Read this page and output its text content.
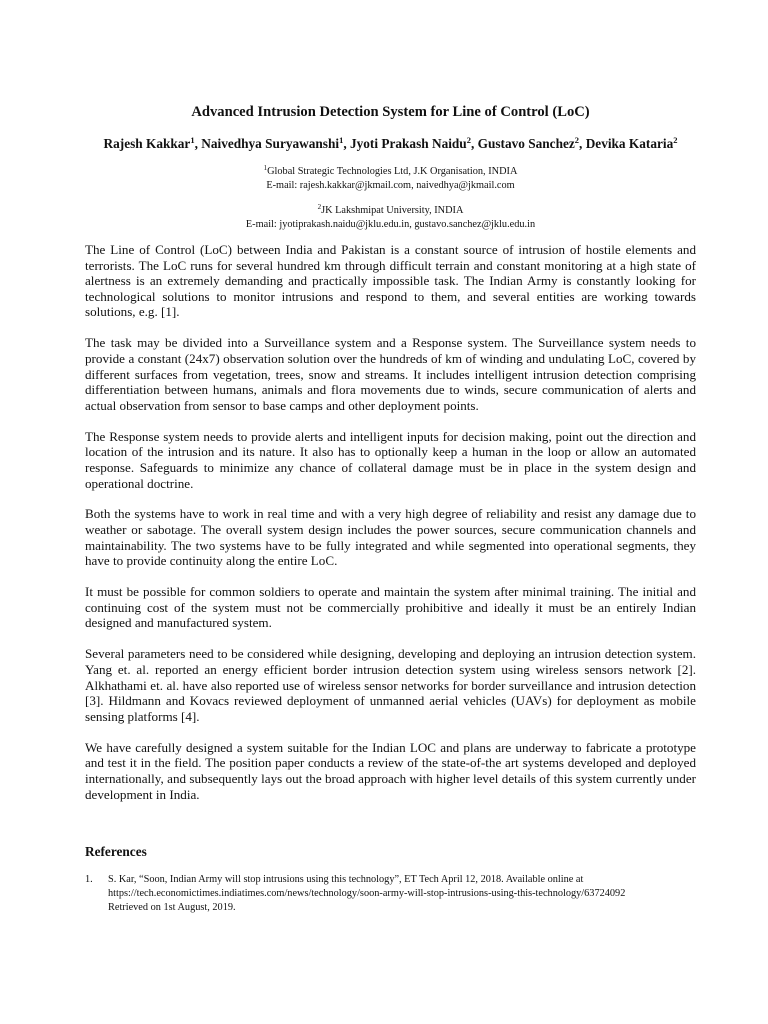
Advanced Intrusion Detection System for Line of Control (LoC)
Rajesh Kakkar$^1$, Naivedhya Suryawanshi$^1$, Jyoti Prakash Naidu$^2$, Gustavo Sanchez$^2$, Devika Kataria$^2$
$^1$Global Strategic Technologies Ltd, J.K Organisation, INDIA
E-mail: rajesh.kakkar@jkmail.com, naivedhya@jkmail.com
$^2$JK Lakshmipat University, INDIA
E-mail: jyotiprakash.naidu@jklu.edu.in, gustavo.sanchez@jklu.edu.in

The Line of Control (LoC) between India and Pakistan is a constant source of intrusion of hostile elements and terrorists. The LoC runs for several hundred km through difficult terrain and constant monitoring at a high state of alertness is an extremely demanding and practically impossible task. The Indian Army is constantly looking for technological solutions to monitor intrusions and respond to them, and several entities are working towards solutions, e.g. [1].

The task may be divided into a Surveillance system and a Response system. The Surveillance system needs to provide a constant (24x7) observation solution over the hundreds of km of winding and undulating LoC, covered by different surfaces from vegetation, trees, snow and streams. It includes intelligent intrusion detection comprising differentiation between humans, animals and flora movements due to winds, secure communication of alerts and actual observation from sensor to base camps and other deployment points.

The Response system needs to provide alerts and intelligent inputs for decision making, point out the direction and location of the intrusion and its nature. It also has to optionally keep a human in the loop or allow an automated response. Safeguards to minimize any chance of collateral damage must be in place in the system design and operational doctrine.

Both the systems have to work in real time and with a very high degree of reliability and resist any damage due to weather or sabotage. The overall system design includes the power sources, secure communication channels and maintainability. The two systems have to be fully integrated and while segmented into operational segments, they have to provide continuity along the entire LoC.

It must be possible for common soldiers to operate and maintain the system after minimal training. The initial and continuing cost of the system must not be commercially prohibitive and ideally it must be an entirely Indian designed and manufactured system.

Several parameters need to be considered while designing, developing and deploying an intrusion detection system. Yang et. al. reported an energy efficient border intrusion detection system using wireless sensors network [2]. Alkhathami et. al. have also reported use of wireless sensor networks for border surveillance and intrusion detection [3]. Hildmann and Kovacs reviewed deployment of unmanned aerial vehicles (UAVs) for deployment as mobile sensing platforms [4].

We have carefully designed a system suitable for the Indian LOC and plans are underway to fabricate a prototype and test it in the field. The position paper conducts a review of the state-of-the art systems developed and deployed internationally, and subsequently lays out the broad approach with higher level details of this system currently under development in India.

References
1. S. Kar, “Soon, Indian Army will stop intrusions using this technology”, ET Tech April 12, 2018. Available online at
https://tech.economictimes.indiatimes.com/news/technology/soon-army-will-stop-intrusions-using-this-technology/63724092
Retrieved on 1st August, 2019.
